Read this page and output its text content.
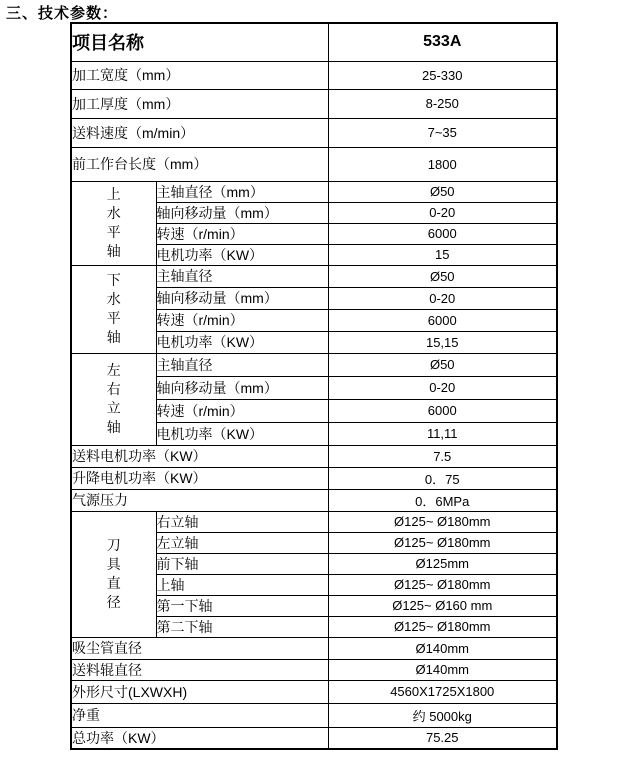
三、技术参数：
项目名称		533A
加工宽度（mm）		25-330
加工厚度（mm）		8-250
送料速度（m/min）		7~35
前工作台长度（mm）		1800

上水平轴	主轴直径（mm）	Ø50
	轴向移动量（mm）	0-20
	转速（r/min）	6000
	电机功率（KW）	15

下水平轴	主轴直径	Ø50
	轴向移动量（mm）	0-20
	转速（r/min）	6000
	电机功率（KW）	15,15

左右立轴	主轴直径	Ø50
	轴向移动量（mm）	0-20
	转速（r/min）	6000
	电机功率（KW）	11,11
送料电机功率（KW）		7.5
升降电机功率（KW）		0．75
气源压力		0．6MPa

刀具直径	右立轴	Ø125~ Ø180mm
	左立轴	Ø125~ Ø180mm
	前下轴	Ø125mm
	上轴	Ø125~ Ø180mm
	第一下轴	Ø125~ Ø160 mm
	第二下轴	Ø125~ Ø180mm
吸尘管直径		Ø140mm
送料辊直径		Ø140mm
外形尺寸(LXWXH)		4560X1725X1800
净重		约 5000kg
总功率（KW）		75.25
